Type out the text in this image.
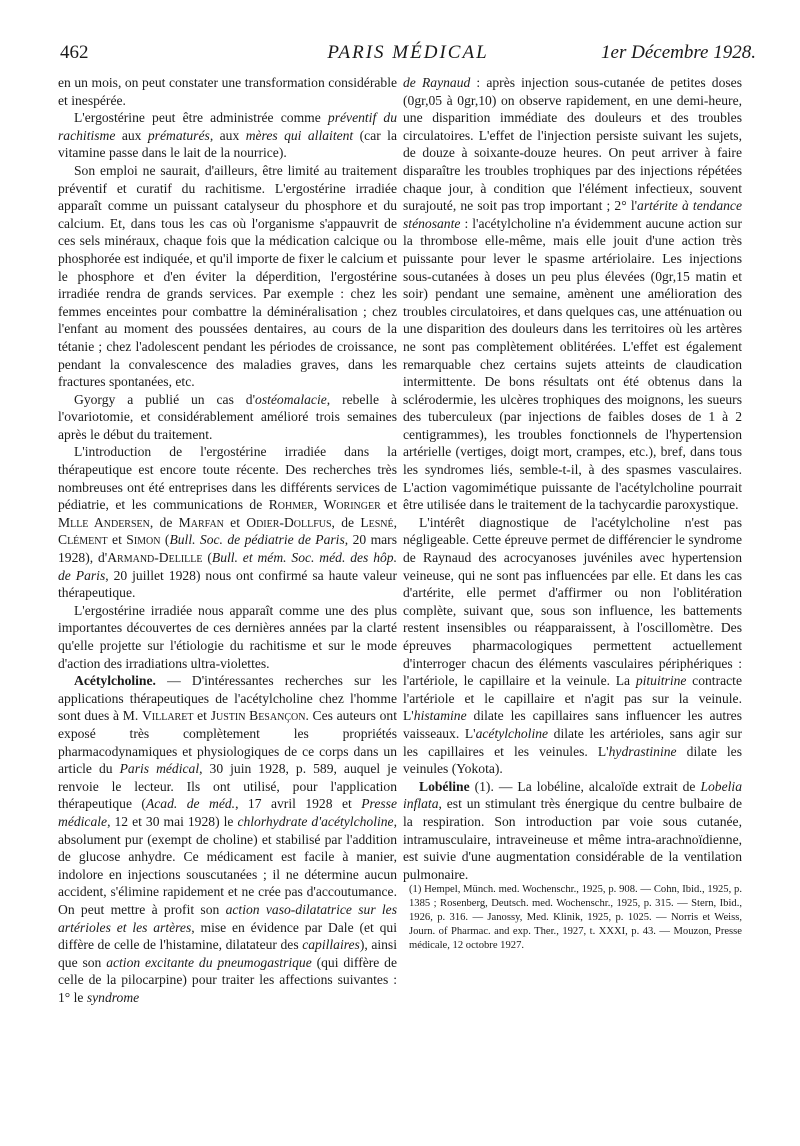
462	PARIS MÉDICAL	1er Décembre 1928.

en un mois, on peut constater une transformation considérable et inespérée.

L'ergostérine peut être administrée comme préventif du rachitisme aux prématurés, aux mères qui allaitent (car la vitamine passe dans le lait de la nourrice).

Son emploi ne saurait, d'ailleurs, être limité au traitement préventif et curatif du rachitisme. L'ergostérine irradiée apparaît comme un puissant catalyseur du phosphore et du calcium. Et, dans tous les cas où l'organisme s'appauvrit de ces sels minéraux, chaque fois que la médication calcique ou phosphorée est indiquée, et qu'il importe de fixer le calcium et le phosphore et d'en éviter la déperdition, l'ergostérine irradiée rendra de grands services. Par exemple : chez les femmes enceintes pour combattre la déminéralisation ; chez l'enfant au moment des poussées dentaires, au cours de la tétanie ; chez l'adolescent pendant les périodes de croissance, pendant la convalescence des maladies graves, dans les fractures spontanées, etc.

Gyorgy a publié un cas d'ostéomalacie, rebelle à l'ovariotomie, et considérablement amélioré trois semaines après le début du traitement.

L'introduction de l'ergostérine irradiée dans la thérapeutique est encore toute récente. Des recherches très nombreuses ont été entreprises dans les différents services de pédiatrie, et les communications de Rohmer, Woringer et Mlle Andersen, de Marfan et Odier-Dollfus, de Lesné, Clément et Simon (Bull. Soc. de pédiatrie de Paris, 20 mars 1928), d'Armand-Delille (Bull. et mém. Soc. méd. des hôp. de Paris, 20 juillet 1928) nous ont confirmé sa haute valeur thérapeutique.

L'ergostérine irradiée nous apparaît comme une des plus importantes découvertes de ces dernières années par la clarté qu'elle projette sur l'étiologie du rachitisme et sur le mode d'action des irradiations ultra-violettes.

Acétylcholine. — D'intéressantes recherches sur les applications thérapeutiques de l'acétylcholine chez l'homme sont dues à M. Villaret et Justin Besançon. Ces auteurs ont exposé très complètement les propriétés pharmacodynamiques et physiologiques de ce corps dans un article du Paris médical, 30 juin 1928, p. 589, auquel je renvoie le lecteur. Ils ont utilisé, pour l'application thérapeutique (Acad. de méd., 17 avril 1928 et Presse médicale, 12 et 30 mai 1928) le chlorhydrate d'acétylcholine, absolument pur (exempt de choline) et stabilisé par l'addition de glucose anhydre. Ce médicament est facile à manier, indolore en injections souscutanées ; il ne détermine aucun accident, s'élimine rapidement et ne crée pas d'accoutumance. On peut mettre à profit son action vaso-dilatatrice sur les artérioles et les artères, mise en évidence par Dale (et qui diffère de celle de l'histamine, dilatateur des capillaires), ainsi que son action excitante du pneumogastrique (qui diffère de celle de la pilocarpine) pour traiter les affections suivantes : 1° le syndrome

de Raynaud : après injection sous-cutanée de petites doses (0gr,05 à 0gr,10) on observe rapidement, en une demi-heure, une disparition immédiate des douleurs et des troubles circulatoires. L'effet de l'injection persiste suivant les sujets, de douze à soixante-douze heures. On peut arriver à faire disparaître les troubles trophiques par des injections répétées chaque jour, à condition que l'élément infectieux, souvent surajouté, ne soit pas trop important ; 2° l'artérite à tendance sténosante : l'acétylcholine n'a évidemment aucune action sur la thrombose elle-même, mais elle jouit d'une action très puissante pour lever le spasme artériolaire. Les injections sous-cutanées à doses un peu plus élevées (0gr,15 matin et soir) pendant une semaine, amènent une amélioration des troubles circulatoires, et dans quelques cas, une atténuation ou une disparition des douleurs dans les territoires où les artères ne sont pas complètement oblitérées. L'effet est également remarquable chez certains sujets atteints de claudication intermittente. De bons résultats ont été obtenus dans la sclérodermie, les ulcères trophiques des moignons, les sueurs des tuberculeux (par injections de faibles doses de 1 à 2 centigrammes), les troubles fonctionnels de l'hypertension artérielle (vertiges, doigt mort, crampes, etc.), bref, dans tous les syndromes liés, semble-t-il, à des spasmes vasculaires. L'action vagomimétique puissante de l'acétylcholine pourrait être utilisée dans le traitement de la tachycardie paroxystique.

L'intérêt diagnostique de l'acétylcholine n'est pas négligeable. Cette épreuve permet de différencier le syndrome de Raynaud des acrocyanoses juvéniles avec hypertension veineuse, qui ne sont pas influencées par elle. Et dans les cas d'artérite, elle permet d'affirmer ou non l'oblitération complète, suivant que, sous son influence, les battements restent insensibles ou réapparaissent, à l'oscillomètre. Des épreuves pharmacologiques permettent actuellement d'interroger chacun des éléments vasculaires périphériques : l'artériole, le capillaire et la veinule. La pituitrine contracte l'artériole et le capillaire et n'agit pas sur la veinule. L'histamine dilate les capillaires sans influencer les autres vaisseaux. L'acétylcholine dilate les artérioles, sans agir sur les capillaires et les veinules. L'hydrastinine dilate les veinules (Yokota).

Lobéline (1). — La lobéline, alcaloïde extrait de Lobelia inflata, est un stimulant très énergique du centre bulbaire de la respiration. Son introduction par voie sous cutanée, intramusculaire, intraveineuse et même intra-arachnoïdienne, est suivie d'une augmentation considérable de la ventilation pulmonaire.

(1) Hempel, Münch. med. Wochenschr., 1925, p. 908. — Cohn, Ibid., 1925, p. 1385 ; Rosenberg, Deutsch. med. Wochenschr., 1925, p. 315. — Stern, Ibid., 1926, p. 316. — Janossy, Med. Klinik, 1925, p. 1025. — Norris et Weiss, Journ. of Pharmac. and exp. Ther., 1927, t. XXXI, p. 43. — Mouzon, Presse médicale, 12 octobre 1927.
